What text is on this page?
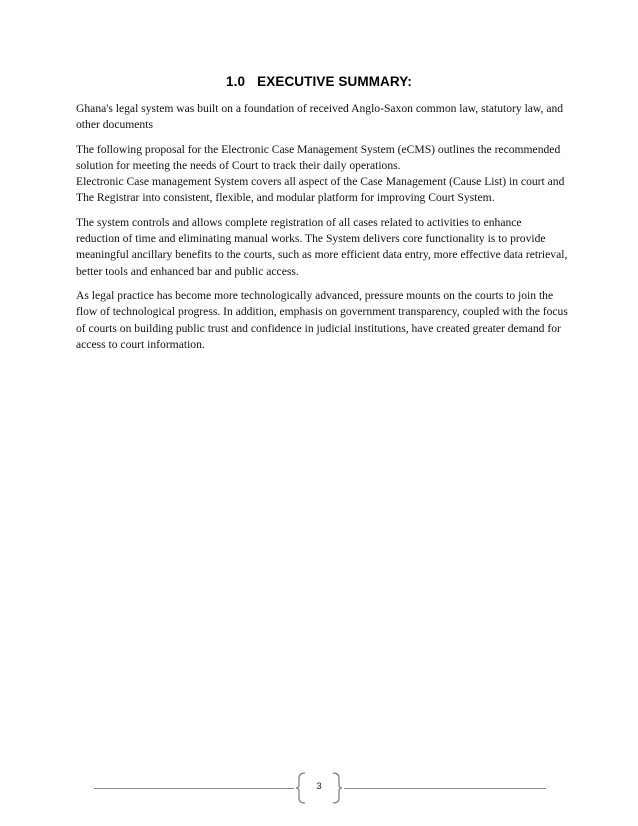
1.0 EXECUTIVE SUMMARY:

Ghana's legal system was built on a foundation of received Anglo-Saxon common law, statutory law, and other documents

The following proposal for the Electronic Case Management System (eCMS) outlines the recommended solution for meeting the needs of Court to track their daily operations.
Electronic Case management System covers all aspect of the Case Management (Cause List) in court and The Registrar into consistent, flexible, and modular platform for improving Court System.

The system controls and allows complete registration of all cases related to activities to enhance reduction of time and eliminating manual works. The System delivers core functionality is to provide meaningful ancillary benefits to the courts, such as more efficient data entry, more effective data retrieval, better tools and enhanced bar and public access.

As legal practice has become more technologically advanced, pressure mounts on the courts to join the flow of technological progress. In addition, emphasis on government transparency, coupled with the focus of courts on building public trust and confidence in judicial institutions, have created greater demand for access to court information.

3
